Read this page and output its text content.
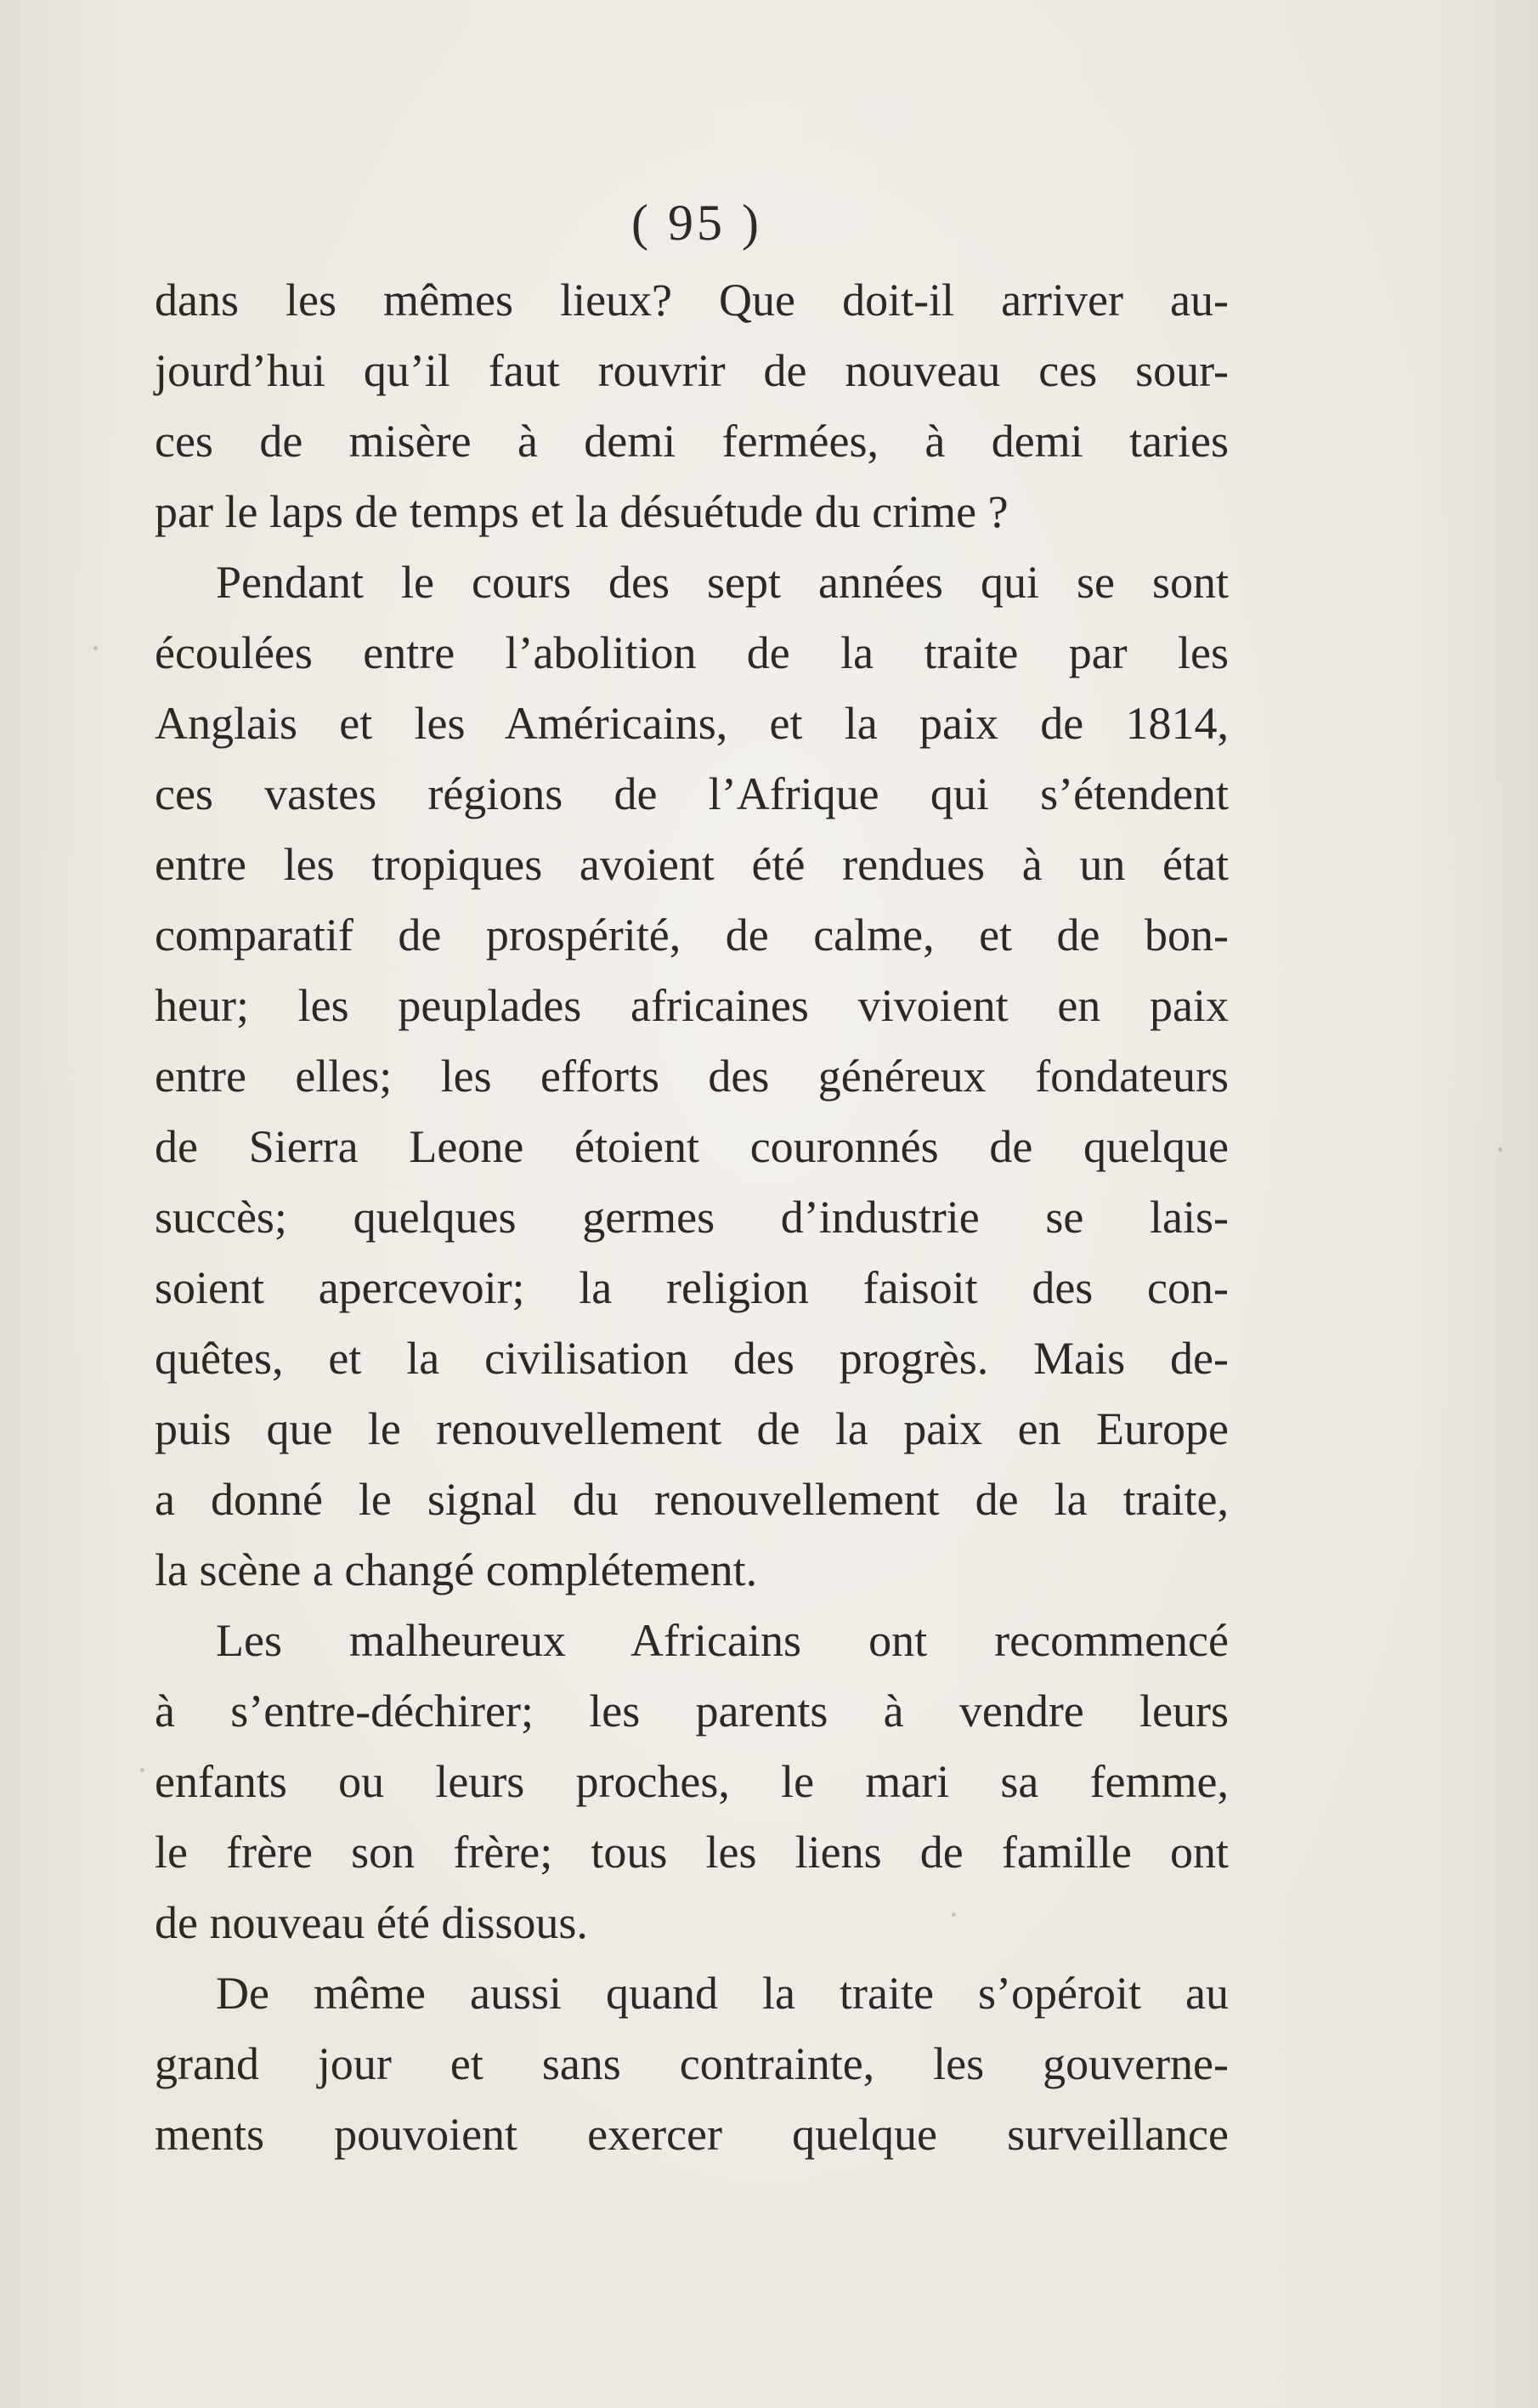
( 95 )
dans les mêmes lieux? Que doit-il arriver au-
jourd’hui qu’il faut rouvrir de nouveau ces sour-
ces de misère à demi fermées, à demi taries
par le laps de temps et la désuétude du crime ?
Pendant le cours des sept années qui se sont
écoulées entre l’abolition de la traite par les
Anglais et les Américains, et la paix de 1814,
ces vastes régions de l’Afrique qui s’étendent
entre les tropiques avoient été rendues à un état
comparatif de prospérité, de calme, et de bon-
heur; les peuplades africaines vivoient en paix
entre elles; les efforts des généreux fondateurs
de Sierra Leone étoient couronnés de quelque
succès; quelques germes d’industrie se lais-
soient apercevoir; la religion faisoit des con-
quêtes, et la civilisation des progrès. Mais de-
puis que le renouvellement de la paix en Europe
a donné le signal du renouvellement de la traite,
la scène a changé complétement.
Les malheureux Africains ont recommencé
à s’entre-déchirer; les parents à vendre leurs
enfants ou leurs proches, le mari sa femme,
le frère son frère; tous les liens de famille ont
de nouveau été dissous.
De même aussi quand la traite s’opéroit au
grand jour et sans contrainte, les gouverne-
ments pouvoient exercer quelque surveillance
